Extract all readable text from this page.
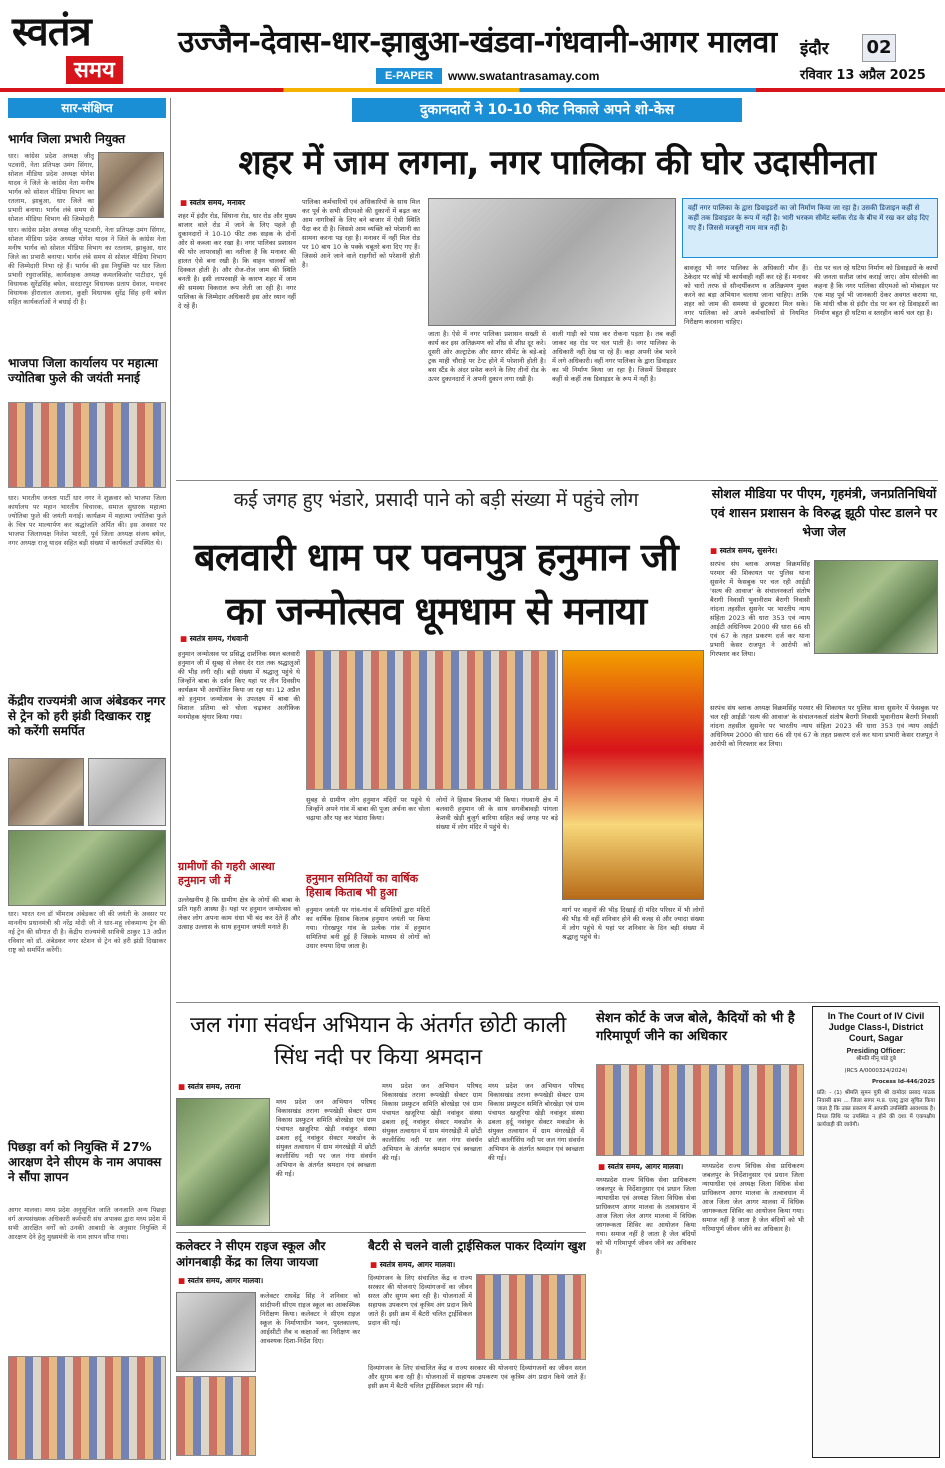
स्वतंत्र
समय
उज्जैन-देवास-धार-झाबुआ-खंडवा-गंधवानी-आगर मालवा इंदौर 02
E-PAPER	www.swatantrasamay.com	रविवार 13 अप्रैल 2025
सार-संक्षिप्त
भार्गव जिला प्रभारी नियुक्त
धार। कांग्रेस प्रदेश अध्यक्ष जीतू पटवारी, नेता प्रतिपक्ष उमंग सिंगार, सोशल मीडिया प्रदेश अध्यक्ष योगेश यादव ने जिले के कांग्रेस नेता मनीष भार्गव को सोशल मीडिया विभाग का रतलाम, झाबुआ, धार जिले का प्रभारी बनाया। भार्गव लंबे समय से सोशल मीडिया विभाग की जिम्मेदारी
धार। कांग्रेस प्रदेश अध्यक्ष जीतू पटवारी, नेता प्रतिपक्ष उमंग सिंगार, सोशल मीडिया प्रदेश अध्यक्ष योगेश यादव ने जिले के कांग्रेस नेता मनीष भार्गव को सोशल मीडिया विभाग का रतलाम, झाबुआ, धार जिले का प्रभारी बनाया। भार्गव लंबे समय से सोशल मीडिया विभाग की जिम्मेदारी निभा रहे हैं। भार्गव की इस नियुक्ति पर धार जिला प्रभारी रघुराजसिंह, कार्यवाहक अध्यक्ष कमलकिशोर पाटीदार, पूर्व विधायक सुरेंद्रसिंह बघेल, सरदारपुर विधायक प्रताप ग्रेवाल, मनावर विधायक हीरालाल अलावा, कुक्षी विधायक सुरेंद्र सिंह हनी बघेल सहित कार्यकर्ताओं ने बधाई दी है।
भाजपा जिला कार्यालय पर महात्मा ज्योतिबा फुले की जयंती मनाई
धार। भारतीय जनता पार्टी धार नगर ने शुक्रवार को भाजपा जिला कार्यालय पर महान भारतीय विचारक, समाज सुधारक महात्मा ज्योतिबा फुले की जयंती मनाई। कार्यक्रम में महात्मा ज्योतिबा फुले के चित्र पर माल्यार्पण कर श्रद्धांजलि अर्पित की। इस अवसर पर भाजपा जिलाध्यक्ष निलेश भारती, पूर्व जिला अध्यक्ष संजय बघेल, नगर अध्यक्ष राजू यादव सहित बड़ी संख्या में कार्यकर्ता उपस्थित थे।
केंद्रीय राज्यमंत्री आज अंबेडकर नगर से ट्रेन को हरी झंडी दिखाकर राष्ट्र को करेंगी समर्पित
धार। भारत रत्न डॉ भीमराव अंबेडकर जी की जयंती के अवसर पर माननीय प्रधानमंत्री श्री नरेंद्र मोदी जी ने धार-महू लोकमान्य ट्रेन की नई ट्रेन की सौगात दी है। केंद्रीय राज्यमंत्री सावित्री ठाकुर 13 अप्रैल रविवार को डॉ. अंबेडकर नगर स्टेशन से ट्रेन को हरी झंडी दिखाकर राष्ट्र को समर्पित करेंगी।
पिछड़ा वर्ग को नियुक्ति में 27% आरक्षण देने सीएम के नाम अपाक्स ने सौंपा ज्ञापन
आगर मालवा। मध्य प्रदेश अनुसूचित जाति जनजाति अन्य पिछड़ा वर्ग अल्पसंख्यक अधिकारी कर्मचारी संघ अपाक्स द्वारा मध्य प्रदेश में सभी आरक्षित वर्गों को उनकी आबादी के अनुसार नियुक्ति में आरक्षण देने हेतु मुख्यमंत्री के नाम ज्ञापन सौंपा गया।
दुकानदारों ने 10-10 फीट निकाले अपने शो-केस
शहर में जाम लगना, नगर पालिका की घोर उदासीनता
■ स्वतंत्र समय, मनावर
शहर में इंदौर रोड, सिंघाना रोड, धार रोड और मुख्य बाजार वाले रोड में जाने के लिए पहले ही दुकानदारों ने 10-10 फीट तक सड़क के दोनों ओर से कब्जा कर रखा है। नगर पालिका प्रशासन की घोर लापरवाही का नतीजा है कि मनावर की हालत ऐसे बना रखी है। कि वाहन चालकों को दिक्कत होती है। और रोज-रोज जाम की स्थिति बनती है। इसी लापरवाही के कारण शहर में जाम की समस्या विकराल रूप लेती जा रही है। नगर पालिका के जिम्मेदार अधिकारी इस ओर ध्यान नहीं दे रहे हैं।
पालिका कर्मचारियों एवं अधिकारियों के साथ मिल कर पूर्व के सभी सीएमओ की दुकानों में बढ़त कर आम नागरिकों के लिए बने बाजार में ऐसी स्थिति पैदा कर दी है। जिससे आम व्यक्ति को परेशानी का सामना करना पड़ रहा है। मनावर में नहीं मिल रोड पर 10 बाय 10 के पक्के चबूतरे बना दिए गए हैं। जिससे आने जाने वाले राहगीरों को परेशानी होती है।
जाता है। ऐसे में नगर पालिका प्रशासन सख्ती से कार्य कर इस अतिक्रमण को शीघ्र से शीघ्र दूर करे। दूसरी ओर अल्ट्राटेक और सागर सीमेंट के बड़े-बड़े ट्रक माही चौराहे पर टेन्ट होने में परेशानी होती है। बस स्टैंड के अंदर प्रवेश करने के लिए तीनों रोड के ऊपर दुकानदारों ने अपनी दुकान लगा रखी है।
वाली गाड़ी को पास कर रोकना पड़ता है। तब कहीं जाकर वह रोड पर चल पाती है। नगर पालिका के अधिकारी नहीं देख पा रहे हैं। कहा अपनी जेब भरने में लगे अधिकारी। वहीं नगर पालिका के द्वारा डिवाइडर का भी निर्माण किया जा रहा है। जिसमें डिवाइडर कहीं से कहीं तक डिवाइडर के रूप में नहीं है।
वहीं नगर पालिका के द्वारा डिवाइडरों का जो निर्माण किया जा रहा है। उसकी डिजाइन कहीं से कहीं तक डिवाइडर के रूप में नहीं है। भारी भरकम सीमेंट ब्लॉक रोड के बीच में रख कर छोड़ दिए गए हैं। जिससे मजबूरी नाम मात्र नहीं है।
बावजूद भी नगर पालिका के अधिकारी मौन हैं। ठेकेदार पर कोई भी कार्यवाही नहीं कर रहे हैं। मनावर को चारों तरफ से सौन्दर्यीकरण व अतिक्रमण मुक्त करने का बड़ा अभियान चलाया जाना चाहिए। ताकि शहर को जाम की समस्या से छुटकारा मिल सके। नगर पालिका को अपने कर्मचारियों से नियमित निरीक्षण करवाना चाहिए।
रोड पर चल रहे घटिया निर्माण को डिवाइडरों के कार्यों की जनता सतीश जांच कराई जाए। ओम सोलंकी का कहना है कि नगर पालिका सीएमओ को मोबाइल पर एक माह पूर्व भी जानकारी देकर अवगत कराया था, कि मांधी चौक से इंदौर रोड पर बन रहे डिवाइडरों का निर्माण बहुत ही घटिया व स्तरहीन कार्य चल रहा है।
कई जगह हुए भंडारे, प्रसादी पाने को बड़ी संख्या में पहुंचे लोग
बलवारी धाम पर पवनपुत्र हनुमान जी का जन्मोत्सव धूमधाम से मनाया
■ स्वतंत्र समय, गंधवानी
हनुमान जन्मोत्सव पर प्रसिद्ध दार्शनिक स्थल बलवारी हनुमान जी में सुबह से लेकर देर रात तक श्रद्धालुओं की भीड़ लगी रही। बड़ी संख्या में श्रद्धालु पहुंचे थे जिन्होंने बाबा के दर्शन किए यहां पर तीन दिवसीय कार्यक्रम भी आयोजित किया जा रहा था। 12 अप्रैल को हनुमान जन्मोत्सव के उपलक्ष्य में बाबा की विशाल प्रतिमा को चोला चढ़ाकर अलौकिक मनमोहक श्रृंगार किया गया।
ग्रामीणों की गहरी आस्था हनुमान जी में
उल्लेखनीय है कि ग्रामीण क्षेत्र के लोगों की बाबा के प्रति गहरी आस्था है। यहां पर हनुमान जन्मोत्सव को लेकर लोग अपना काम धंधा भी बंद कर देते हैं और उत्साह उल्लास के साथ हनुमान जयंती मनाते हैं।
सुबह से ग्रामीण लोग हनुमान मंदिरों पर पहुंचे थे जिन्होंने अपने गांव में बाबा की पूजा अर्चना कर चोला चढ़ाया और यह कर भंडारा किया।
हनुमान समितियों का वार्षिक हिसाब किताब भी हुआ
हनुमान जयंती पर गांव-गांव में समितियों द्वारा मंदिरों का वार्षिक हिसाब किताब हनुमान जयंती पर किया गया। गोरखपुर गांव के प्रत्येक गांव में हनुमान समितियां बनी हुई हैं जिसके माध्यम से लोगों को उधार रुपया दिया जाता है।
लोगों ने हिसाब किताब भी किया। गंधवानी क्षेत्र में बलवारी हनुमान जी के साथ सगवीबावड़ी पांगला केशवी खेड़ी बुजुर्ग बारिया सहित कई जगह पर बड़े संख्या में लोग मंदिर में पहुंचे थे।
मार्ग पर वाहनों की भीड़ दिखाई दी मंदिर परिसर में भी लोगों की भीड़ थी वहीं शनिवार होने की वजह से और ज्यादा संख्या में लोग पहुंचे थे यहां पर शनिवार के दिन बड़ी संख्या में श्रद्धालु पहुंचे थे।
सोशल मीडिया पर पीएम, गृहमंत्री, जनप्रतिनिधियों एवं शासन प्रशासन के विरुद्ध झूठी पोस्ट डालने पर भेजा जेल
■ स्वतंत्र समय, सुसनेर।
सरपंच संघ ब्लाक अध्यक्ष विक्रमसिंह परमार की शिकायत पर पुलिस थाना सुसनेर में फेसबुक पर चल रही आईडी 'सत्य की आवाज' के संचालनकर्ता संतोष बैरागी निवासी भुवानीराम बैरागी निवासी नांदना तहसील सुसनेर पर भारतीय न्याय संहिता 2023 की धारा 353 एवं न्याय आईटी अधिनियम 2000 की धारा 66 सी एवं 67 के तहत प्रकरण दर्ज कर थाना प्रभारी केसर राजपूत ने आरोपी को गिरफ्तार कर लिया।
सरपंच संघ ब्लाक अध्यक्ष विक्रमसिंह परमार की शिकायत पर पुलिस थाना सुसनेर में फेसबुक पर चल रही आईडी 'सत्य की आवाज' के संचालनकर्ता संतोष बैरागी निवासी भुवानीराम बैरागी निवासी नांदना तहसील सुसनेर पर भारतीय न्याय संहिता 2023 की धारा 353 एवं न्याय आईटी अधिनियम 2000 की धारा 66 सी एवं 67 के तहत प्रकरण दर्ज कर थाना प्रभारी केसर राजपूत ने आरोपी को गिरफ्तार कर लिया।
जल गंगा संवर्धन अभियान के अंतर्गत छोटी काली सिंध नदी पर किया श्रमदान
■ स्वतंत्र समय, तराना
मध्य प्रदेश जन अभियान परिषद विकासखंड तराना रूपखेड़ी सेक्टर ग्राम विकास प्रस्फुटन समिति बोरखेड़ा एवं ग्राम पंचायत खजूरिया खेड़ी नवांकुर संस्था ढबला हर्दू नवांकुर सेक्टर मकडोन के संयुक्त तत्वाधान में ग्राम मंगरखेड़ी में छोटी कालीसिंध नदी पर जल गंगा संवर्धन अभियान के अंतर्गत श्रमदान एवं स्वच्छता की गई।
मध्य प्रदेश जन अभियान परिषद विकासखंड तराना रूपखेड़ी सेक्टर ग्राम विकास प्रस्फुटन समिति बोरखेड़ा एवं ग्राम पंचायत खजूरिया खेड़ी नवांकुर संस्था ढबला हर्दू नवांकुर सेक्टर मकडोन के संयुक्त तत्वाधान में ग्राम मंगरखेड़ी में छोटी कालीसिंध नदी पर जल गंगा संवर्धन अभियान के अंतर्गत श्रमदान एवं स्वच्छता की गई।
मध्य प्रदेश जन अभियान परिषद विकासखंड तराना रूपखेड़ी सेक्टर ग्राम विकास प्रस्फुटन समिति बोरखेड़ा एवं ग्राम पंचायत खजूरिया खेड़ी नवांकुर संस्था ढबला हर्दू नवांकुर सेक्टर मकडोन के संयुक्त तत्वाधान में ग्राम मंगरखेड़ी में छोटी कालीसिंध नदी पर जल गंगा संवर्धन अभियान के अंतर्गत श्रमदान एवं स्वच्छता की गई।
कलेक्टर ने सीएम राइज स्कूल और आंगनबाड़ी केंद्र का लिया जायजा
■ स्वतंत्र समय, आगर मालवा।
कलेक्टर राघवेंद्र सिंह ने शनिवार को सांदीपनी सीएम राइज स्कूल का आकस्मिक निरीक्षण किया। कलेक्टर ने सीएम राइज स्कूल के निर्माणाधीन भवन, पुस्तकालय, आईसीटी लैब व कक्षाओं का निरीक्षण कर आवश्यक दिशा-निर्देश दिए।
बैटरी से चलने वाली ट्राईसिकल पाकर दिव्यांग खुश
■ स्वतंत्र समय, आगर मालवा।
दिव्यांगजन के लिए संचालित केंद्र व राज्य सरकार की योजनाएं दिव्यांगजनों का जीवन सरल और सुगम बना रही है। योजनाओं में सहायक उपकरण एवं कृत्रिम अंग प्रदान किये जाते हैं। इसी क्रम में बैटरी चलित ट्राईसिकल प्रदान की गई।
दिव्यांगजन के लिए संचालित केंद्र व राज्य सरकार की योजनाएं दिव्यांगजनों का जीवन सरल और सुगम बना रही है। योजनाओं में सहायक उपकरण एवं कृत्रिम अंग प्रदान किये जाते हैं। इसी क्रम में बैटरी चलित ट्राईसिकल प्रदान की गई।
सेशन कोर्ट के जज बोले, कैदियों को भी है गरिमापूर्ण जीने का अधिकार
■ स्वतंत्र समय, आगर मालवा।
मध्यप्रदेश राज्य विधिक सेवा प्राधिकरण जबलपुर के निर्देशानुसार एवं प्रधान जिला न्यायाधीश एवं अध्यक्ष जिला विधिक सेवा प्राधिकरण आगर मालवा के तत्वावधान में आज जिला जेल आगर मालवा में विधिक जागरूकता शिविर का आयोजन किया गया। समाज नहीं है जाता है जेल बंदियों को भी गरिमापूर्ण जीवन जीने का अधिकार है।
मध्यप्रदेश राज्य विधिक सेवा प्राधिकरण जबलपुर के निर्देशानुसार एवं प्रधान जिला न्यायाधीश एवं अध्यक्ष जिला विधिक सेवा प्राधिकरण आगर मालवा के तत्वावधान में आज जिला जेल आगर मालवा में विधिक जागरूकता शिविर का आयोजन किया गया। समाज नहीं है जाता है जेल बंदियों को भी गरिमापूर्ण जीवन जीने का अधिकार है।
In The Court of IV Civil Judge Class-I, District Court, Sagar
Presiding Officer:
श्रीमति मीनू पांडे दुबे
(RCS A/0000324/2024)
Process Id-446/2025
प्रति: - (1) श्रीमति सुमन पुत्री श्री दामोदर प्रसाद पाठक निवासी ग्राम ... जिला सागर म.प्र. एतद् द्वारा सूचित किया जाता है कि उक्त प्रकरण में आपकी उपस्थिति आवश्यक है। नियत तिथि पर उपस्थित न होने की दशा में एकपक्षीय कार्यवाही की जावेगी।
